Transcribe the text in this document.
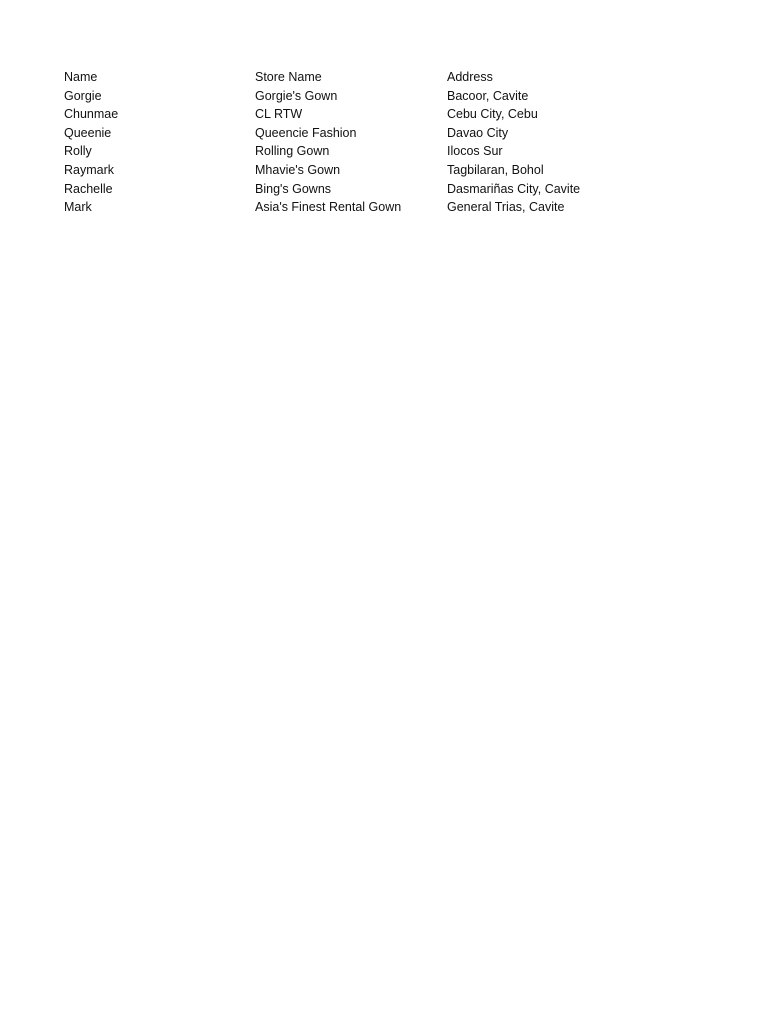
Name	Store Name	Address
Gorgie	Gorgie's Gown	Bacoor, Cavite
Chunmae	CL RTW	Cebu City, Cebu
Queenie	Queencie Fashion	Davao City
Rolly	Rolling Gown	Ilocos Sur
Raymark	Mhavie's Gown	Tagbilaran, Bohol
Rachelle	Bing's Gowns	Dasmariñas City, Cavite
Mark	Asia's Finest Rental Gown	General Trias, Cavite
